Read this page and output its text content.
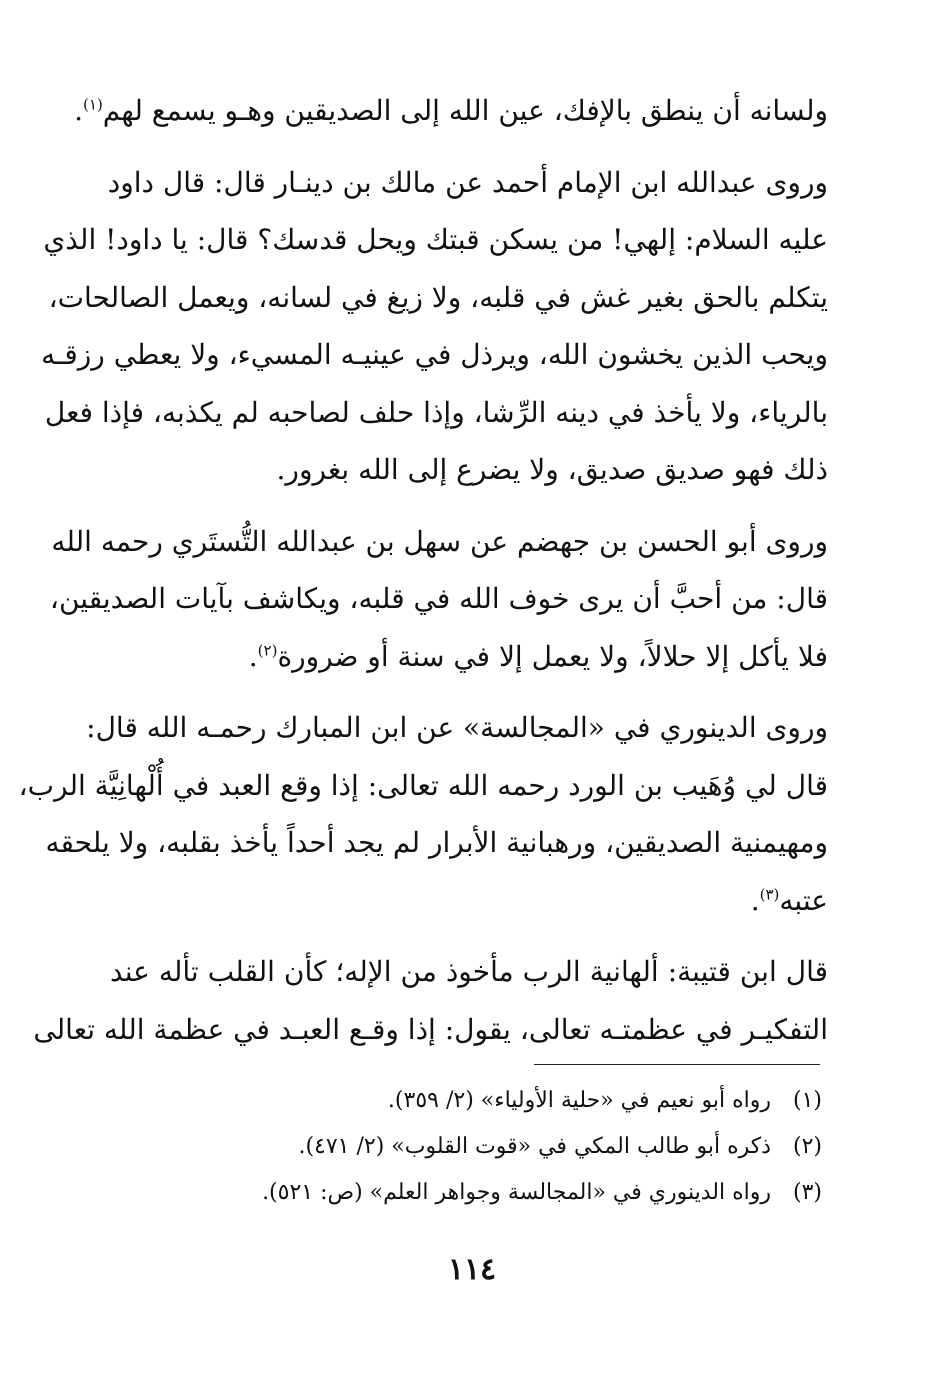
ولسانه أن ينطق بالإفك، عين الله إلى الصديقين وهـو يسمع لهم$^{(١)}$.
وروى عبدالله ابن الإمام أحمد عن مالك بن دينـار قال: قال داود
عليه السلام: إلهي! من يسكن قبتك ويحل قدسك؟ قال: يا داود! الذي
يتكلم بالحق بغير غش في قلبه، ولا زيغ في لسانه، ويعمل الصالحات،
ويحب الذين يخشون الله، ويرذل في عينيـه المسيء، ولا يعطي رزقـه
بالرياء، ولا يأخذ في دينه الرِّشا، وإذا حلف لصاحبه لم يكذبه، فإذا فعل
ذلك فهو صديق صديق، ولا يضرع إلى الله بغرور.
وروى أبو الحسن بن جهضم عن سهل بن عبدالله التُّستَري رحمه الله
قال: من أحبَّ أن يرى خوف الله في قلبه، ويكاشف بآيات الصديقين،
فلا يأكل إلا حلالاً، ولا يعمل إلا في سنة أو ضرورة$^{(٢)}$.
وروى الدينوري في «المجالسة» عن ابن المبارك رحمـه الله قال:
قال لي وُهَيب بن الورد رحمه الله تعالى: إذا وقع العبد في أُلْهانِيَّة الرب،
ومهيمنية الصديقين، ورهبانية الأبرار لم يجد أحداً يأخذ بقلبه، ولا يلحقه
عتبه$^{(٣)}$.
قال ابن قتيبة: ألهانية الرب مأخوذ من الإله؛ كأن القلب تأله عند
التفكيـر في عظمتـه تعالى، يقول: إذا وقـع العبـد في عظمة الله تعالى
(١) رواه أبو نعيم في «حلية الأولياء» (٢/ ٣٥٩).
(٢) ذكره أبو طالب المكي في «قوت القلوب» (٢/ ٤٧١).
(٣) رواه الدينوري في «المجالسة وجواهر العلم» (ص: ٥٢١).
١١٤
